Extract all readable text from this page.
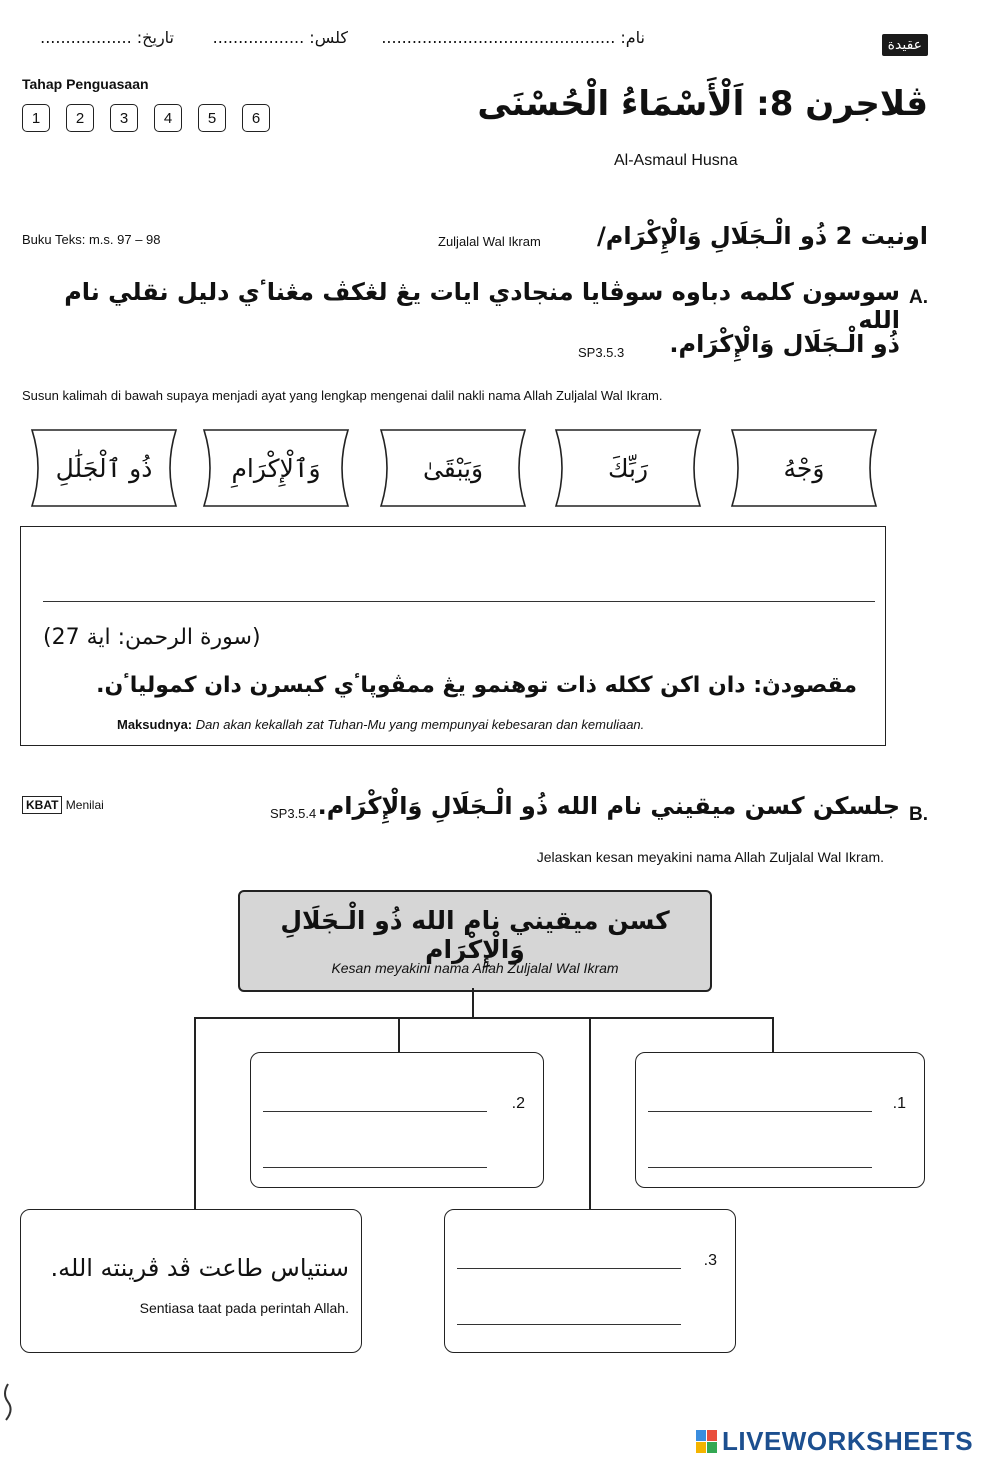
عقيدة
نام: ..............................................
كلس: ..................
تاريخ: ..................
Tahap Penguasaan
1	2	3	4	5	6	ڤلاجرن 8: اَلْأَسْمَاءُ الْحُسْنَى
Al-Asmaul Husna
Buku Teks: m.s. 97 – 98	Zuljalal Wal Ikram اونيت 2 ذُو الْـجَلَالِ وَالْإِكْرَام/
A.
سوسون كلمه دباوه سوڤايا منجادي ايات يڠ لڠكڤ مڠناٴي دليل نقلي نام الله
ذُو الْـجَلَال وَالْإِكْرَام.
SP3.5.3
Susun kalimah di bawah supaya menjadi ayat yang lengkap mengenai dalil nakli nama Allah Zuljalal Wal Ikram.
ذُو ٱلْجَلَٰلِ	وَٱلْإِكْرَامِ	وَيَبْقَىٰ	رَبِّكَ	وَجْهُ
(سورة الرحمن: اية 27)
مقصودڽ: دان اکن ککله ذات توهنمو يڠ ممڤوڽاٴي کبسرن دان کمولياٴن.
Maksudnya: Dan akan kekallah zat Tuhan-Mu yang mempunyai kebesaran dan kemuliaan.
KBAT Menilai	B.
جلسکن کسن ميقيني نام الله ذُو الْـجَلَالِ وَالْإِكْرَام.
SP3.5.4
Jelaskan kesan meyakini nama Allah Zuljalal Wal Ikram.
کسن ميقيني نام الله ذُو الْـجَلَالِ وَالْإِكْرَام
Kesan meyakini nama Allah Zuljalal Wal Ikram
.2	.1
سنتياس طاعت ڤد ڤرينته الله.
Sentiasa taat pada perintah Allah.
.3
LIVEWORKSHEETS
